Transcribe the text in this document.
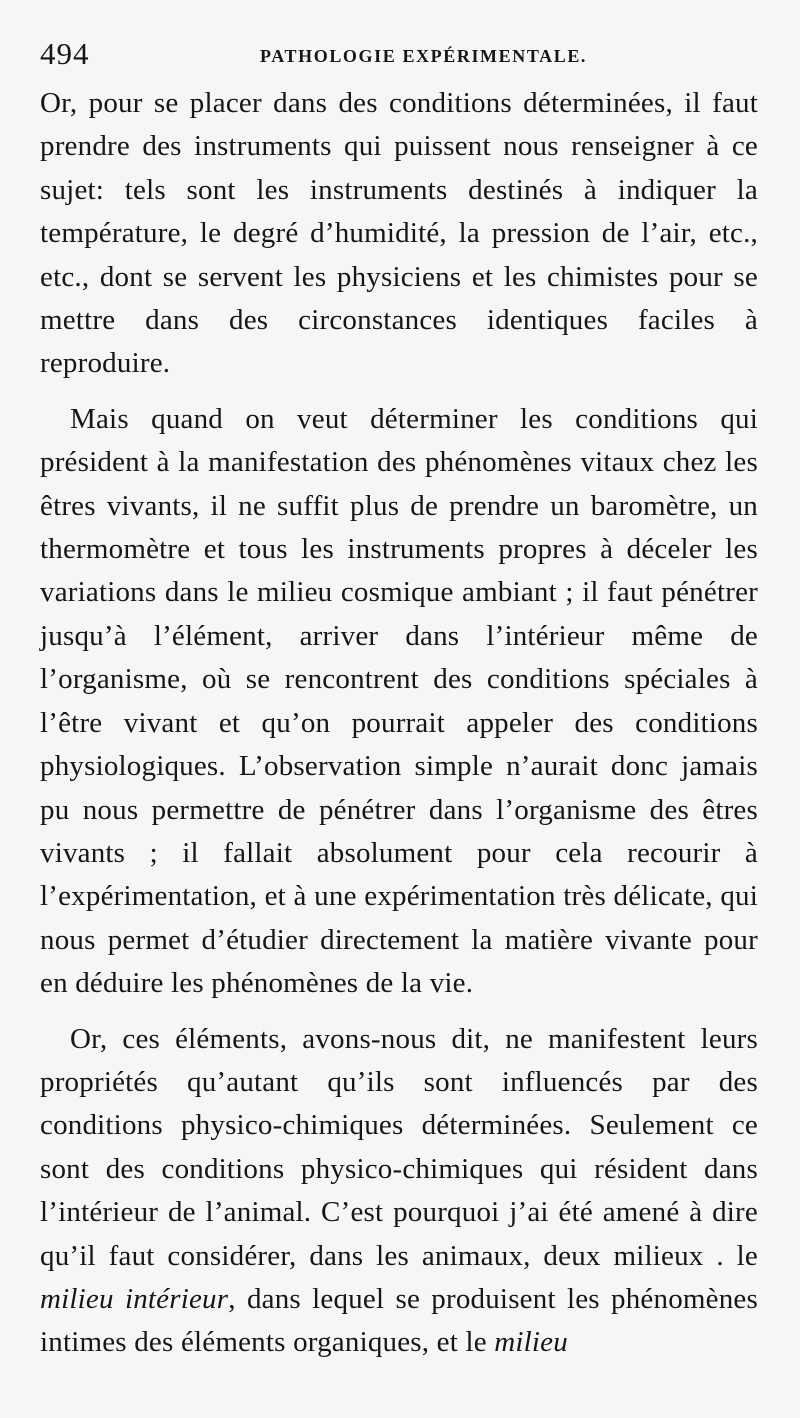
494	PATHOLOGIE EXPÉRIMENTALE.

Or, pour se placer dans des conditions déterminées, il faut prendre des instruments qui puissent nous renseigner à ce sujet: tels sont les instruments destinés à indiquer la température, le degré d’humidité, la pression de l’air, etc., etc., dont se servent les physiciens et les chimistes pour se mettre dans des circonstances identiques faciles à reproduire.

Mais quand on veut déterminer les conditions qui président à la manifestation des phénomènes vitaux chez les êtres vivants, il ne suffit plus de prendre un baromètre, un thermomètre et tous les instruments propres à déceler les variations dans le milieu cosmique ambiant ; il faut pénétrer jusqu’à l’élément, arriver dans l’intérieur même de l’organisme, où se rencontrent des conditions spéciales à l’être vivant et qu’on pourrait appeler des conditions physiologiques. L’observation simple n’aurait donc jamais pu nous permettre de pénétrer dans l’organisme des êtres vivants ; il fallait absolument pour cela recourir à l’expérimentation, et à une expérimentation très délicate, qui nous permet d’étudier directement la matière vivante pour en déduire les phénomènes de la vie.

Or, ces éléments, avons-nous dit, ne manifestent leurs propriétés qu’autant qu’ils sont influencés par des conditions physico-chimiques déterminées. Seulement ce sont des conditions physico-chimiques qui résident dans l’intérieur de l’animal. C’est pourquoi j’ai été amené à dire qu’il faut considérer, dans les animaux, deux milieux . le milieu intérieur, dans lequel se produisent les phénomènes intimes des éléments organiques, et le milieu
